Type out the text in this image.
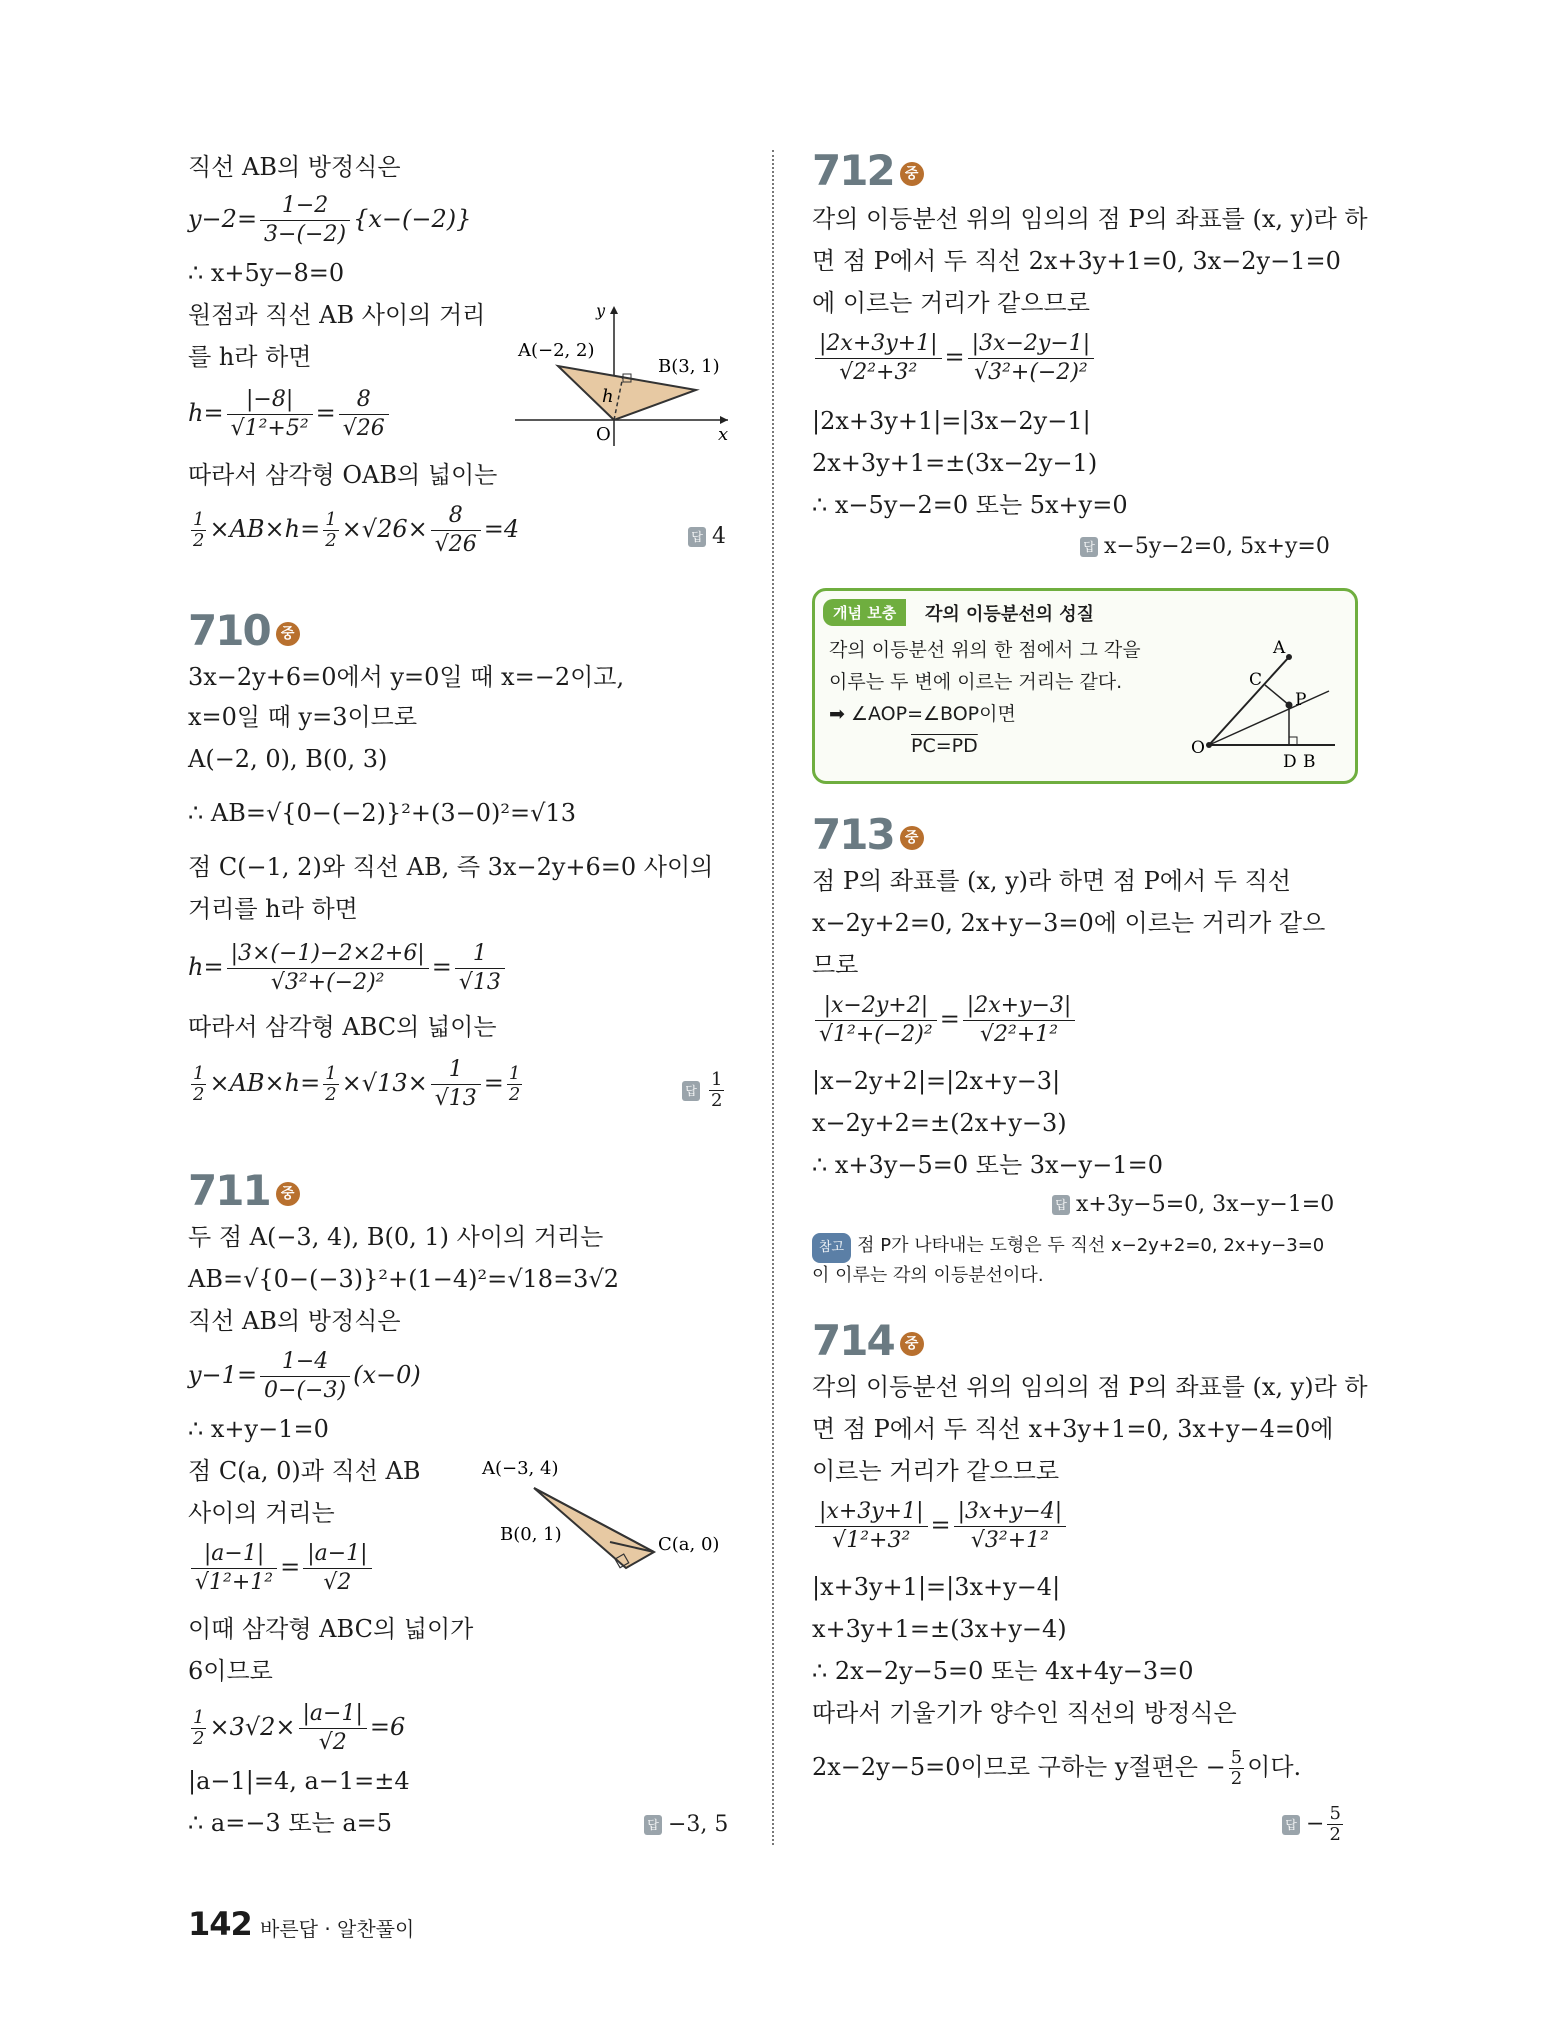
직선 AB의 방정식은
$y-2= \frac{1-2}{3-(-2)} \{x-(-2)\}$
∴ x+5y−8=0
원점과 직선 AB 사이의 거리
를 h라 하면
$h= \frac{|-8|}{\text{√1²+5²}} = \frac{8}{√26}$
따라서 삼각형 OAB의 넓이는
$\frac{1}{2} \times AB\times h= \frac{1}{2} \times√26\times \frac{8}{√26} =4$	답 4
A(−2, 2)
B(3, 1)
O	x
y
h
710 중
3x−2y+6=0에서 y=0일 때 x=−2이고,
x=0일 때 y=3이므로
A(−2, 0), B(0, 3)
∴ AB=√{0−(−2)}²+(3−0)²=√13
점 C(−1, 2)와 직선 AB, 즉 3x−2y+6=0 사이의
거리를 h라 하면
$h= \frac{|3\times(-1)-2\times 2+6|}{\text{√3²+(−2)²}} = \frac{1}{√13}$
따라서 삼각형 ABC의 넓이는
$\frac{1}{2} \times AB\times h= \frac{1}{2} \times√13\times \frac{1}{√13} = \frac{1}{2}$	답 $\frac{1}{2}$
711 중
두 점 A(−3, 4), B(0, 1) 사이의 거리는
AB=√{0−(−3)}²+(1−4)²=√18=3√2
직선 AB의 방정식은
$y-1= \frac{1-4}{0-(-3)} (x-0)$
∴ x+y−1=0
점 C(a, 0)과 직선 AB
사이의 거리는
$\frac{|a-1|}{\text{√1²+1²}} = \frac{|a-1|}{√2}$
이때 삼각형 ABC의 넓이가
6이므로
$\frac{1}{2} \times 3√2\times \frac{|a-1|}{√2} =6$
|a−1|=4, a−1=±4
∴ a=−3 또는 a=5	답 −3, 5
A(−3, 4)
B(0, 1)	C(a, 0)
712 중
각의 이등분선 위의 임의의 점 P의 좌표를 (x, y)라 하
면 점 P에서 두 직선 2x+3y+1=0, 3x−2y−1=0
에 이르는 거리가 같으므로
$\frac{|2x+3y+1|}{\text{√2²+3²}} = \frac{|3x-2y-1|}{\text{√3²+(−2)²}}$
|2x+3y+1|=|3x−2y−1|
2x+3y+1=±(3x−2y−1)
∴ x−5y−2=0 또는 5x+y=0
답 x−5y−2=0, 5x+y=0
개념 보충	각의 이등분선의 성질
각의 이등분선 위의 한 점에서 그 각을
이루는 두 변에 이르는 거리는 같다.
➡ ∠AOP=∠BOP이면
PC=PD
A
C
P
O
D B
713 중
점 P의 좌표를 (x, y)라 하면 점 P에서 두 직선
x−2y+2=0, 2x+y−3=0에 이르는 거리가 같으
므로
$\frac{|x-2y+2|}{\text{√1²+(−2)²}} = \frac{|2x+y-3|}{\text{√2²+1²}}$
|x−2y+2|=|2x+y−3|
x−2y+2=±(2x+y−3)
∴ x+3y−5=0 또는 3x−y−1=0
답 x+3y−5=0, 3x−y−1=0
참고 점 P가 나타내는 도형은 두 직선 x−2y+2=0, 2x+y−3=0
이 이루는 각의 이등분선이다.
714 중
각의 이등분선 위의 임의의 점 P의 좌표를 (x, y)라 하
면 점 P에서 두 직선 x+3y+1=0, 3x+y−4=0에
이르는 거리가 같으므로
$\frac{|x+3y+1|}{\text{√1²+3²}} = \frac{|3x+y-4|}{\text{√3²+1²}}$
|x+3y+1|=|3x+y−4|
x+3y+1=±(3x+y−4)
∴ 2x−2y−5=0 또는 4x+4y−3=0
따라서 기울기가 양수인 직선의 방정식은
2x−2y−5=0이므로 구하는 y절편은 − $\frac{5}{2}$ 이다.
답 − $\frac{5}{2}$
142 바른답 · 알찬풀이
